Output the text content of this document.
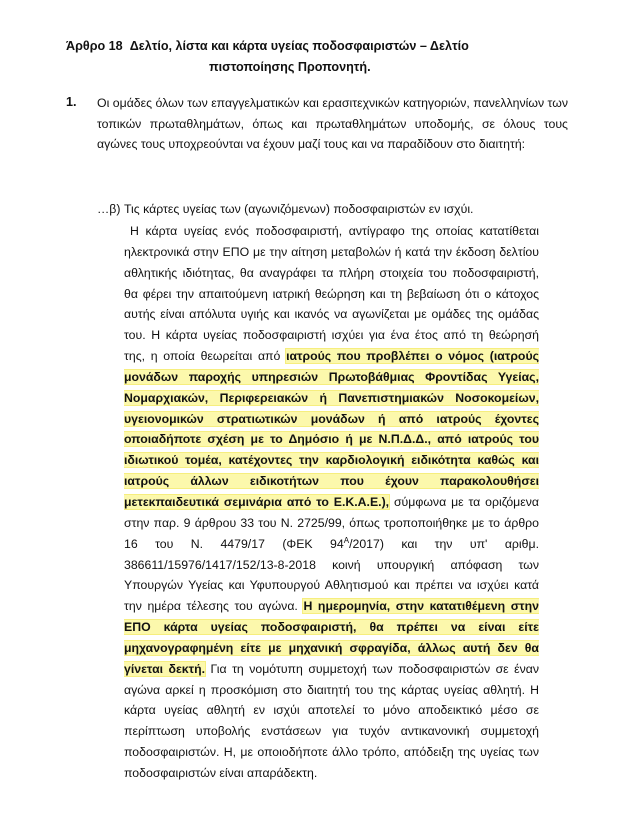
Άρθρο 18
Δελτίο, λίστα και κάρτα υγείας ποδοσφαιριστών – Δελτίο
πιστοποίησης Προπονητή.
1. Οι ομάδες όλων των επαγγελματικών και ερασιτεχνικών κατηγοριών, πανελληνίων των τοπικών πρωταθλημάτων, όπως και πρωταθλημάτων υποδομής, σε όλους τους αγώνες τους υποχρεούνται να έχουν μαζί τους και να παραδίδουν στο διαιτητή:
…β) Τις κάρτες υγείας των (αγωνιζόμενων) ποδοσφαιριστών εν ισχύι.
Η κάρτα υγείας ενός ποδοσφαιριστή, αντίγραφο της οποίας κατατίθεται ηλεκτρονικά στην ΕΠΟ με την αίτηση μεταβολών ή κατά την έκδοση δελτίου αθλητικής ιδιότητας, θα αναγράφει τα πλήρη στοιχεία του ποδοσφαιριστή, θα φέρει την απαιτούμενη ιατρική θεώρηση και τη βεβαίωση ότι ο κάτοχος αυτής είναι απόλυτα υγιής και ικανός να αγωνίζεται με ομάδες της ομάδας του. Η κάρτα υγείας ποδοσφαιριστή ισχύει για ένα έτος από τη θεώρησή της, η οποία θεωρείται από ιατρούς που προβλέπει ο νόμος (ιατρούς μονάδων παροχής υπηρεσιών Πρωτοβάθμιας Φροντίδας Υγείας, Νομαρχιακών, Περιφερειακών ή Πανεπιστημιακών Νοσοκομείων, υγειονομικών στρατιωτικών μονάδων ή από ιατρούς έχοντες οποιαδήποτε σχέση με το Δημόσιο ή με Ν.Π.Δ.Δ., από ιατρούς του ιδιωτικού τομέα, κατέχοντες την καρδιολογική ειδικότητα καθώς και ιατρούς άλλων ειδικοτήτων που έχουν παρακολουθήσει μετεκπαιδευτικά σεμινάρια από το Ε.Κ.Α.Ε.), σύμφωνα με τα οριζόμενα στην παρ. 9 άρθρου 33 του Ν. 2725/99, όπως τροποποιήθηκε με το άρθρο 16 του Ν. 4479/17 (ΦΕΚ $94^A/2017$) και την υπ' αριθμ. 386611/15976/1417/152/13-8-2018 κοινή υπουργική απόφαση των Υπουργών Υγείας και Υφυπουργού Αθλητισμού και πρέπει να ισχύει κατά την ημέρα τέλεσης του αγώνα. Η ημερομηνία, στην κατατιθέμενη στην ΕΠΟ κάρτα υγείας ποδοσφαιριστή, θα πρέπει να είναι είτε μηχανογραφημένη είτε με μηχανική σφραγίδα, άλλως αυτή δεν θα γίνεται δεκτή. Για τη νομότυπη συμμετοχή των ποδοσφαιριστών σε έναν αγώνα αρκεί η προσκόμιση στο διαιτητή του της κάρτας υγείας αθλητή. Η κάρτα υγείας αθλητή εν ισχύι αποτελεί το μόνο αποδεικτικό μέσο σε περίπτωση υποβολής ενστάσεων για τυχόν αντικανονική συμμετοχή ποδοσφαιριστών. Η, με οποιοδήποτε άλλο τρόπο, απόδειξη της υγείας των ποδοσφαιριστών είναι απαράδεκτη.
